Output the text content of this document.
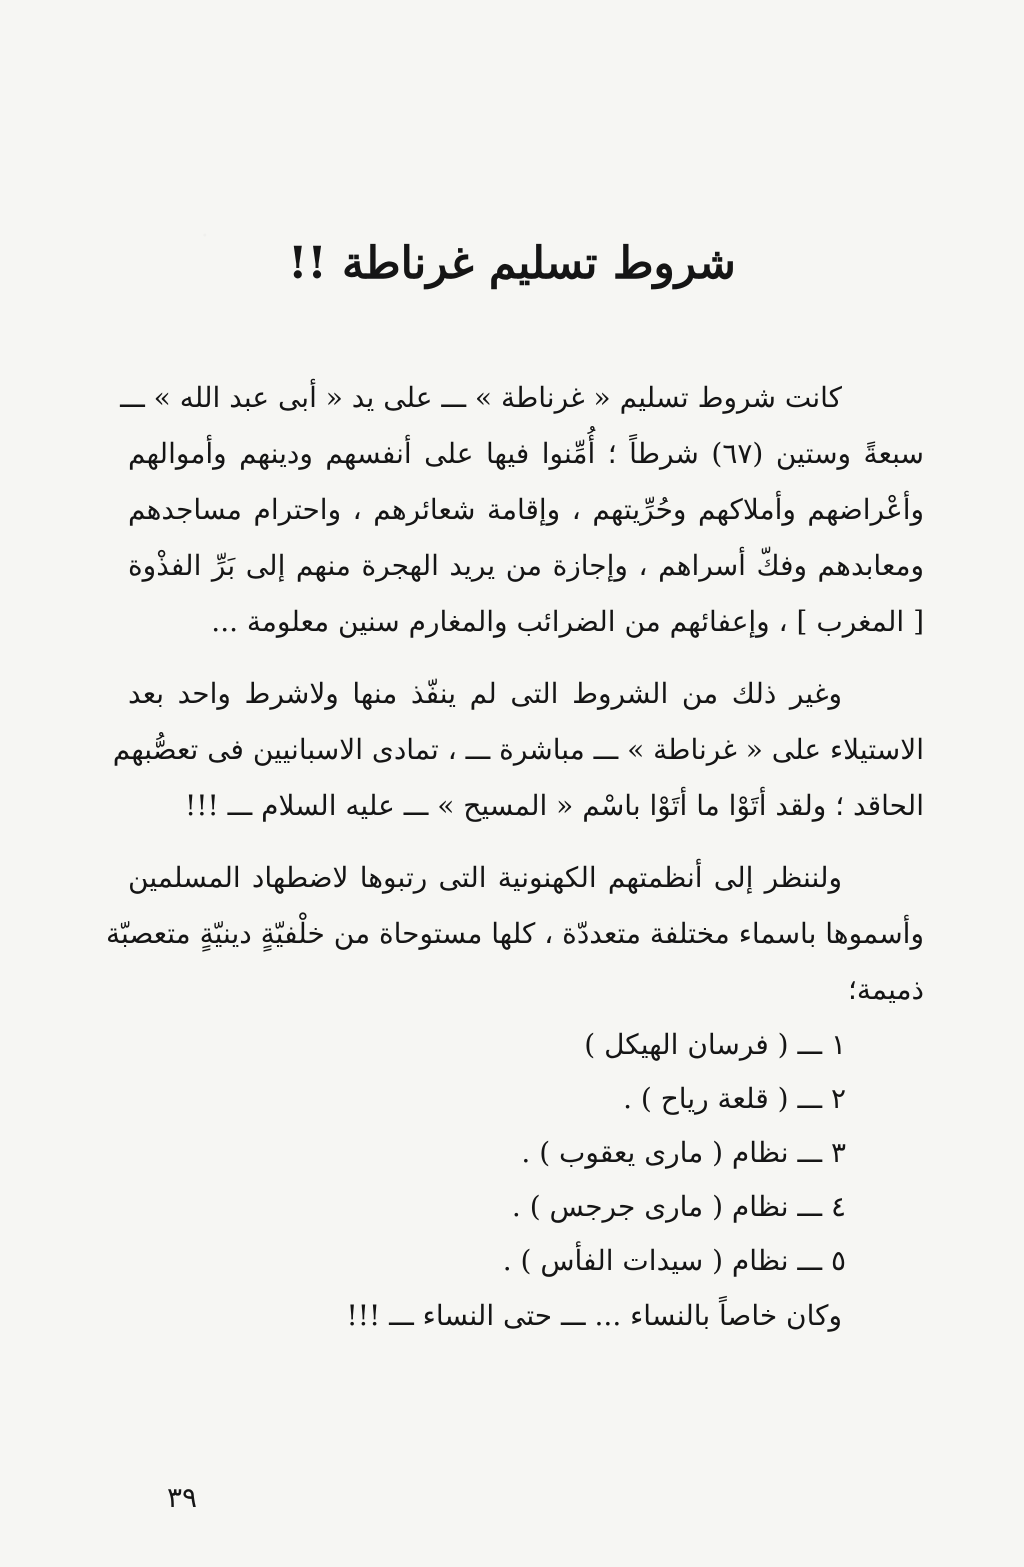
شروط تسليم غرناطة !!

كانت شروط تسليم « غرناطة » ـــ على يد « أبى عبد الله » ـــ

سبعةً وستين (٦٧) شرطاً ؛ أُمِّنوا فيها على أنفسهم ودينهم وأموالهم

وأعْراضهم وأملاكهم وحُرِّيتهم ، وإقامة شعائرهم ، واحترام مساجدهم

ومعابدهم وفكّ أسراهم ، وإجازة من يريد الهجرة منهم إلى بَرِّ الفذْوة

[ المغرب ] ، وإعفائهم من الضرائب والمغارم سنين معلومة ...

وغير ذلك من الشروط التى لم ينفّذ منها ولاشرط واحد بعد

الاستيلاء على « غرناطة » ـــ مباشرة ـــ ، تمادى الاسبانيين فى تعصُّبهم

الحاقد ؛ ولقد أتَوْا ما أتَوْا باسْم « المسيح » ـــ عليه السلام ـــ !!!

ولننظر إلى أنظمتهم الكهنونية التى رتبوها لاضطهاد المسلمين

وأسموها باسماء مختلفة متعددّة ، كلها مستوحاة من خلْفيّةٍ دينيّةٍ متعصبّة

ذميمة؛

١ ـــ ( فرسان الهيكل )

٢ ـــ ( قلعة رياح ) .

٣ ـــ نظام ( مارى يعقوب ) .

٤ ـــ نظام ( مارى جرجس ) .

٥ ـــ نظام ( سيدات الفأس ) .

وكان خاصاً بالنساء ... ـــ حتى النساء ـــ !!!

٣٩
